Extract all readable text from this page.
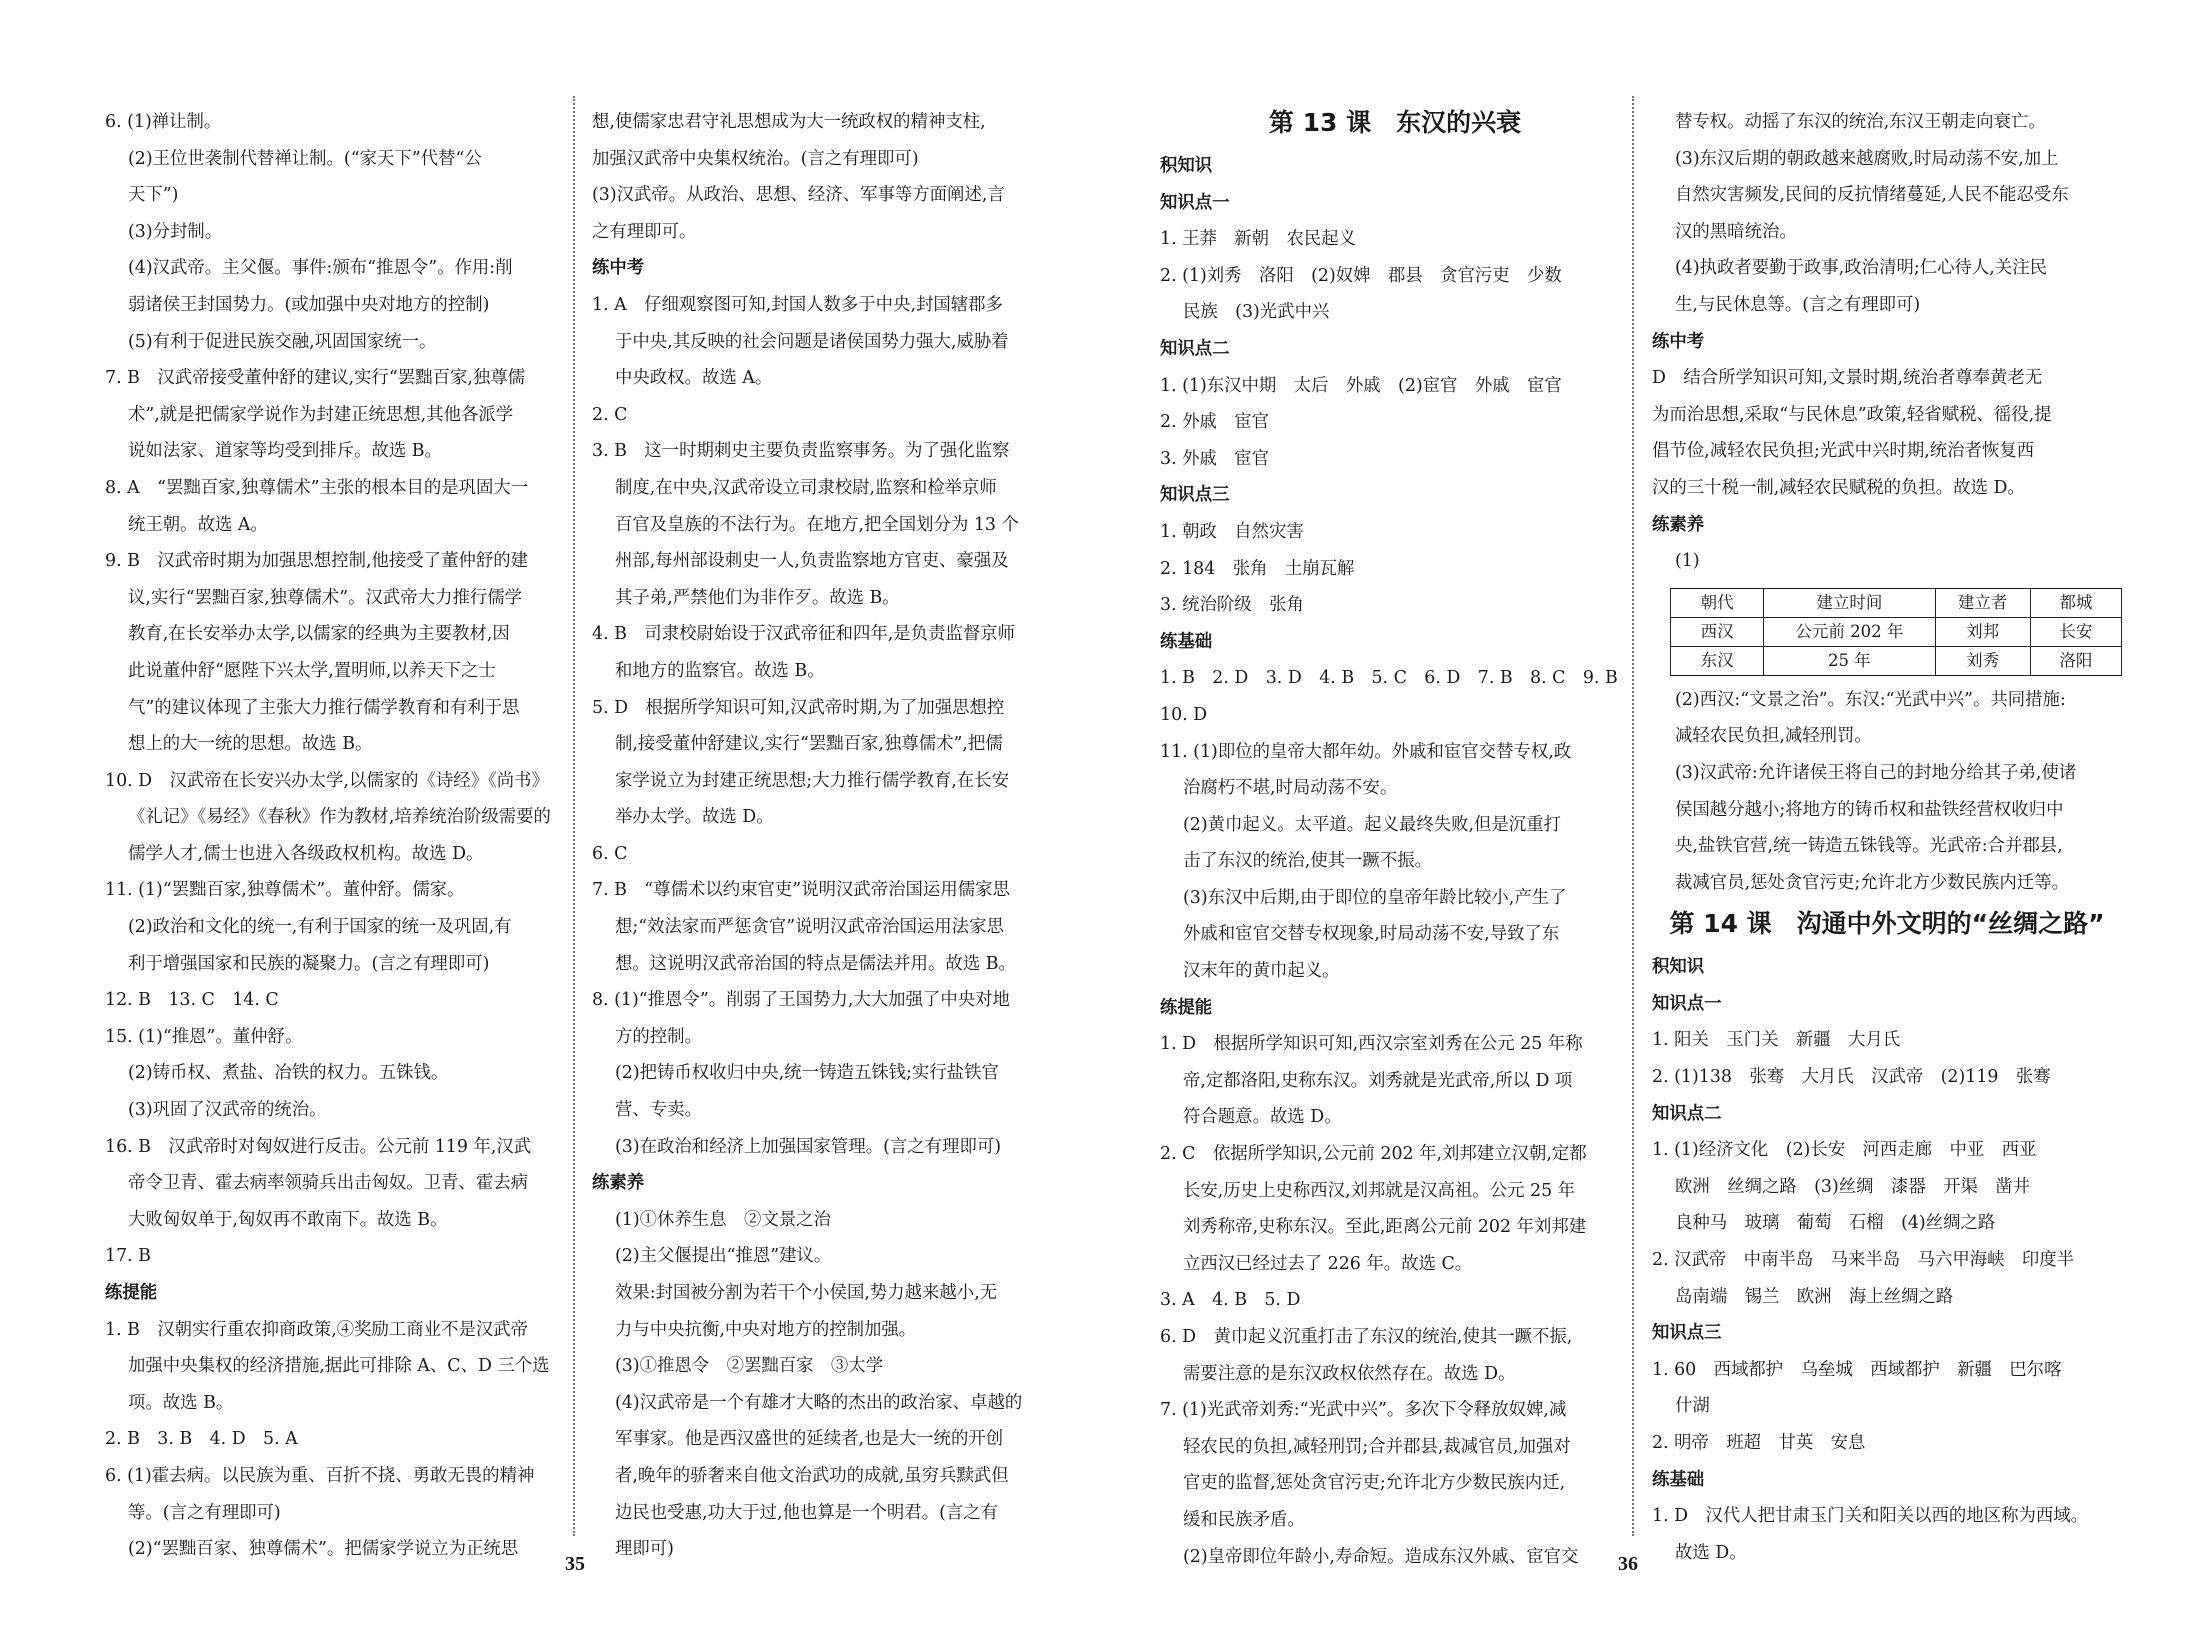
6. (1)禅让制。
(2)王位世袭制代替禅让制。(“家天下”代替“公
天下”)
(3)分封制。
(4)汉武帝。主父偃。事件:颁布“推恩令”。作用:削
弱诸侯王封国势力。(或加强中央对地方的控制)
(5)有利于促进民族交融,巩固国家统一。
7. B　汉武帝接受董仲舒的建议,实行“罢黜百家,独尊儒
术”,就是把儒家学说作为封建正统思想,其他各派学
说如法家、道家等均受到排斥。故选 B。
8. A　“罢黜百家,独尊儒术”主张的根本目的是巩固大一
统王朝。故选 A。
9. B　汉武帝时期为加强思想控制,他接受了董仲舒的建
议,实行“罢黜百家,独尊儒术”。汉武帝大力推行儒学
教育,在长安举办太学,以儒家的经典为主要教材,因
此说董仲舒“愿陛下兴太学,置明师,以养天下之士
气”的建议体现了主张大力推行儒学教育和有利于思
想上的大一统的思想。故选 B。
10. D　汉武帝在长安兴办太学,以儒家的《诗经》《尚书》
《礼记》《易经》《春秋》作为教材,培养统治阶级需要的
儒学人才,儒士也进入各级政权机构。故选 D。
11. (1)“罢黜百家,独尊儒术”。董仲舒。儒家。
(2)政治和文化的统一,有利于国家的统一及巩固,有
利于增强国家和民族的凝聚力。(言之有理即可)
12. B　13. C　14. C
15. (1)“推恩”。董仲舒。
(2)铸币权、煮盐、冶铁的权力。五铢钱。
(3)巩固了汉武帝的统治。
16. B　汉武帝时对匈奴进行反击。公元前 119 年,汉武
帝令卫青、霍去病率领骑兵出击匈奴。卫青、霍去病
大败匈奴单于,匈奴再不敢南下。故选 B。
17. B
练提能
1. B　汉朝实行重农抑商政策,④奖励工商业不是汉武帝
加强中央集权的经济措施,据此可排除 A、C、D 三个选
项。故选 B。
2. B　3. B　4. D　5. A
6. (1)霍去病。以民族为重、百折不挠、勇敢无畏的精神
等。(言之有理即可)
(2)“罢黜百家、独尊儒术”。把儒家学说立为正统思
想,使儒家忠君守礼思想成为大一统政权的精神支柱,
加强汉武帝中央集权统治。(言之有理即可)
(3)汉武帝。从政治、思想、经济、军事等方面阐述,言
之有理即可。
练中考
1. A　仔细观察图可知,封国人数多于中央,封国辖郡多
于中央,其反映的社会问题是诸侯国势力强大,威胁着
中央政权。故选 A。
2. C
3. B　这一时期刺史主要负责监察事务。为了强化监察
制度,在中央,汉武帝设立司隶校尉,监察和检举京师
百官及皇族的不法行为。在地方,把全国划分为 13 个
州部,每州部设刺史一人,负责监察地方官吏、豪强及
其子弟,严禁他们为非作歹。故选 B。
4. B　司隶校尉始设于汉武帝征和四年,是负责监督京师
和地方的监察官。故选 B。
5. D　根据所学知识可知,汉武帝时期,为了加强思想控
制,接受董仲舒建议,实行“罢黜百家,独尊儒术”,把儒
家学说立为封建正统思想;大力推行儒学教育,在长安
举办太学。故选 D。
6. C
7. B　“尊儒术以约束官吏”说明汉武帝治国运用儒家思
想;“效法家而严惩贪官”说明汉武帝治国运用法家思
想。这说明汉武帝治国的特点是儒法并用。故选 B。
8. (1)“推恩令”。削弱了王国势力,大大加强了中央对地
方的控制。
(2)把铸币权收归中央,统一铸造五铢钱;实行盐铁官
营、专卖。
(3)在政治和经济上加强国家管理。(言之有理即可)
练素养
(1)①休养生息　②文景之治
(2)主父偃提出“推恩”建议。
效果:封国被分割为若干个小侯国,势力越来越小,无
力与中央抗衡,中央对地方的控制加强。
(3)①推恩令　②罢黜百家　③太学
(4)汉武帝是一个有雄才大略的杰出的政治家、卓越的
军事家。他是西汉盛世的延续者,也是大一统的开创
者,晚年的骄奢来自他文治武功的成就,虽穷兵黩武但
边民也受惠,功大于过,他也算是一个明君。(言之有
理即可)
第 13 课　东汉的兴衰
积知识
知识点一
1. 王莽　新朝　农民起义
2. (1)刘秀　洛阳　(2)奴婢　郡县　贪官污吏　少数
民族　(3)光武中兴
知识点二
1. (1)东汉中期　太后　外戚　(2)宦官　外戚　宦官
2. 外戚　宦官
3. 外戚　宦官
知识点三
1. 朝政　自然灾害
2. 184　张角　土崩瓦解
3. 统治阶级　张角
练基础
1. B　2. D　3. D　4. B　5. C　6. D　7. B　8. C　9. B
10. D
11. (1)即位的皇帝大都年幼。外戚和宦官交替专权,政
治腐朽不堪,时局动荡不安。
(2)黄巾起义。太平道。起义最终失败,但是沉重打
击了东汉的统治,使其一蹶不振。
(3)东汉中后期,由于即位的皇帝年龄比较小,产生了
外戚和宦官交替专权现象,时局动荡不安,导致了东
汉末年的黄巾起义。
练提能
1. D　根据所学知识可知,西汉宗室刘秀在公元 25 年称
帝,定都洛阳,史称东汉。刘秀就是光武帝,所以 D 项
符合题意。故选 D。
2. C　依据所学知识,公元前 202 年,刘邦建立汉朝,定都
长安,历史上史称西汉,刘邦就是汉高祖。公元 25 年
刘秀称帝,史称东汉。至此,距离公元前 202 年刘邦建
立西汉已经过去了 226 年。故选 C。
3. A　4. B　5. D
6. D　黄巾起义沉重打击了东汉的统治,使其一蹶不振,
需要注意的是东汉政权依然存在。故选 D。
7. (1)光武帝刘秀:“光武中兴”。多次下令释放奴婢,减
轻农民的负担,减轻刑罚;合并郡县,裁减官员,加强对
官吏的监督,惩处贪官污吏;允许北方少数民族内迁,
缓和民族矛盾。
(2)皇帝即位年龄小,寿命短。造成东汉外戚、宦官交
替专权。动摇了东汉的统治,东汉王朝走向衰亡。
(3)东汉后期的朝政越来越腐败,时局动荡不安,加上
自然灾害频发,民间的反抗情绪蔓延,人民不能忍受东
汉的黑暗统治。
(4)执政者要勤于政事,政治清明;仁心待人,关注民
生,与民休息等。(言之有理即可)
练中考
D　结合所学知识可知,文景时期,统治者尊奉黄老无
为而治思想,采取“与民休息”政策,轻省赋税、徭役,提
倡节俭,减轻农民负担;光武中兴时期,统治者恢复西
汉的三十税一制,减轻农民赋税的负担。故选 D。
练素养
(1)
朝代	建立时间	建立者	都城
西汉	公元前 202 年	刘邦	长安
东汉	25 年	刘秀	洛阳
(2)西汉:“文景之治”。东汉:“光武中兴”。共同措施:
减轻农民负担,减轻刑罚。
(3)汉武帝:允许诸侯王将自己的封地分给其子弟,使诸
侯国越分越小;将地方的铸币权和盐铁经营权收归中
央,盐铁官营,统一铸造五铢钱等。光武帝:合并郡县,
裁减官员,惩处贪官污吏;允许北方少数民族内迁等。
第 14 课　沟通中外文明的“丝绸之路”
积知识
知识点一
1. 阳关　玉门关　新疆　大月氏
2. (1)138　张骞　大月氏　汉武帝　(2)119　张骞
知识点二
1. (1)经济文化　(2)长安　河西走廊　中亚　西亚
欧洲　丝绸之路　(3)丝绸　漆器　开渠　凿井
良种马　玻璃　葡萄　石榴　(4)丝绸之路
2. 汉武帝　中南半岛　马来半岛　马六甲海峡　印度半
岛南端　锡兰　欧洲　海上丝绸之路
知识点三
1. 60　西域都护　乌垒城　西域都护　新疆　巴尔喀
什湖
2. 明帝　班超　甘英　安息
练基础
1. D　汉代人把甘肃玉门关和阳关以西的地区称为西域。
故选 D。
35	36
